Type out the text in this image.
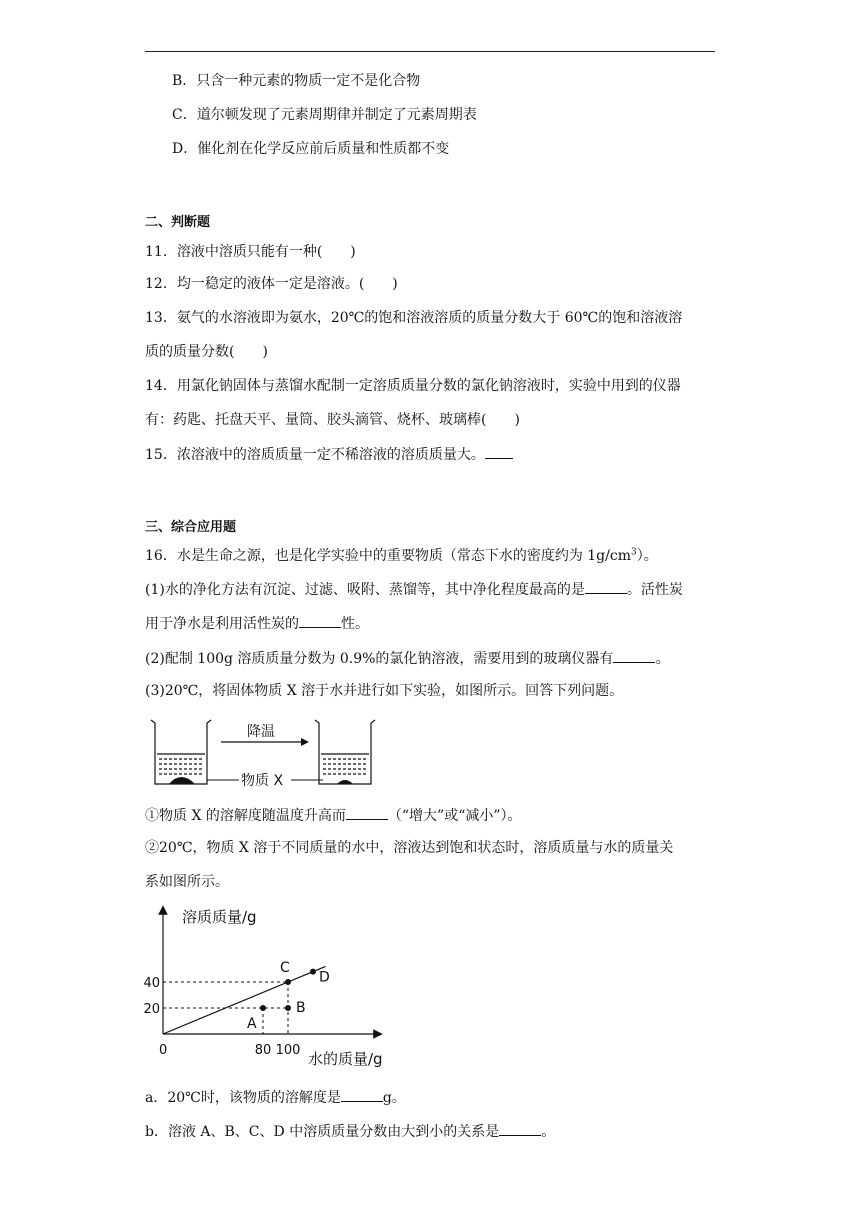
B．只含一种元素的物质一定不是化合物
C．道尔顿发现了元素周期律并制定了元素周期表
D．催化剂在化学反应前后质量和性质都不变
二、判断题
11．溶液中溶质只能有一种(　　)
12．均一稳定的液体一定是溶液。(　　)
13．氨气的水溶液即为氨水，20℃的饱和溶液溶质的质量分数大于 60℃的饱和溶液溶
质的质量分数(　　)
14．用氯化钠固体与蒸馏水配制一定溶质质量分数的氯化钠溶液时，实验中用到的仪器
有：药匙、托盘天平、量筒、胶头滴管、烧杯、玻璃棒(　　)
15．浓溶液中的溶质质量一定不稀溶液的溶质质量大。
三、综合应用题
16．水是生命之源，也是化学实验中的重要物质（常态下水的密度约为 $1g/cm^3$）。
(1)水的净化方法有沉淀、过滤、吸附、蒸馏等，其中净化程度最高的是	。活性炭
用于净水是利用活性炭的	性。
(2)配制 100g 溶质质量分数为 0.9%的氯化钠溶液，需要用到的玻璃仪器有	。
(3)20℃，将固体物质 X 溶于水并进行如下实验，如图所示。回答下列问题。
降温
物质 X
①物质 X 的溶解度随温度升高而	（“增大”或“减小”）。
②20℃，物质 X 溶于不同质量的水中，溶液达到饱和状态时，溶质质量与水的质量关
系如图所示。
A
B
C
D
80 100
20
40
溶质质量/g
水的质量/g
0
a．20℃时，该物质的溶解度是	g。
b．溶液 A、B、C、D 中溶质质量分数由大到小的关系是	。
